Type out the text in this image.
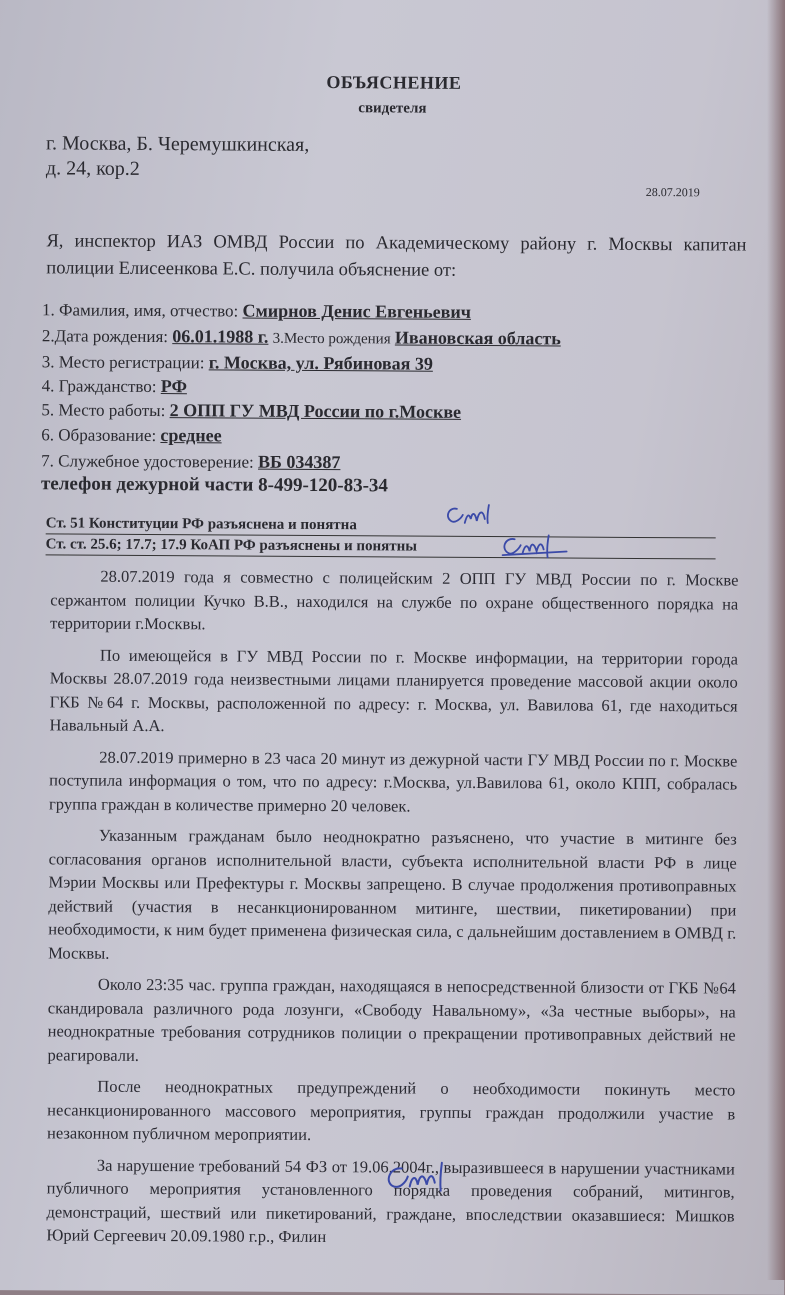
ОБЪЯСНЕНИЕ
свидетеля
г. Москва, Б. Черемушкинская,
д. 24, кор.2
28.07.2019
Я, инспектор ИАЗ ОМВД России по Академическому району г. Москвы капитан полиции Елисеенкова Е.С. получила объяснение от:
1. Фамилия, имя, отчество: Смирнов Денис Евгеньевич
2.Дата рождения: 06.01.1988 г. 3.Место рождения Ивановская область
3. Место регистрации: г. Москва, ул. Рябиновая 39
4. Гражданство: РФ
5. Место работы: 2 ОПП ГУ МВД России по г.Москве
6. Образование: среднее
7. Служебное удостоверение: ВБ 034387
телефон дежурной части 8-499-120-83-34
Ст. 51 Конституции РФ разъяснена и понятна
Ст. ст. 25.6; 17.7; 17.9 КоАП РФ разъяснены и понятны

28.07.2019 года я совместно с полицейским 2 ОПП ГУ МВД России по г. Москве сержантом полиции Кучко В.В., находился на службе по охране общественного порядка на территории г.Москвы.

По имеющейся в ГУ МВД России по г. Москве информации, на территории города Москвы 28.07.2019 года неизвестными лицами планируется проведение массовой акции около ГКБ №64 г. Москвы, расположенной по адресу: г. Москва, ул. Вавилова 61, где находиться Навальный А.А.

28.07.2019 примерно в 23 часа 20 минут из дежурной части ГУ МВД России по г. Москве поступила информация о том, что по адресу: г.Москва, ул.Вавилова 61, около КПП, собралась группа граждан в количестве примерно 20 человек.

Указанным гражданам было неоднократно разъяснено, что участие в митинге без согласования органов исполнительной власти, субъекта исполнительной власти РФ в лице Мэрии Москвы или Префектуры г. Москвы запрещено. В случае продолжения противоправных действий (участия в несанкционированном митинге, шествии, пикетировании) при необходимости, к ним будет применена физическая сила, с дальнейшим доставлением в ОМВД г. Москвы.

Около 23:35 час. группа граждан, находящаяся в непосредственной близости от ГКБ №64 скандировала различного рода лозунги, «Свободу Навальному», «За честные выборы», на неоднократные требования сотрудников полиции о прекращении противоправных действий не реагировали.

После неоднократных предупреждений о необходимости покинуть место несанкционированного массового мероприятия, группы граждан продолжили участие в незаконном публичном мероприятии.

За нарушение требований 54 ФЗ от 19.06.2004г., выразившееся в нарушении участниками публичного мероприятия установленного порядка проведения собраний, митингов, демонстраций, шествий или пикетирований, граждане, впоследствии оказавшиеся: Мишков Юрий Сергеевич 20.09.1980 г.р., Филин
